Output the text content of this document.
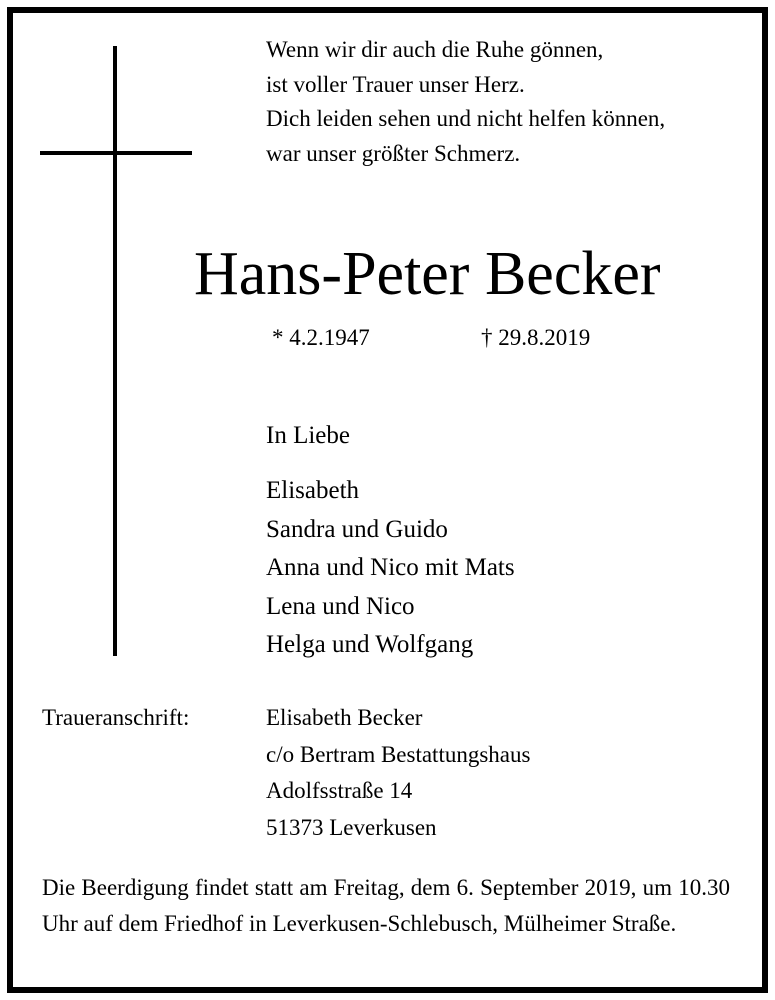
Wenn wir dir auch die Ruhe gönnen,
ist voller Trauer unser Herz.
Dich leiden sehen und nicht helfen können,
war unser größter Schmerz.
Hans-Peter Becker
* 4.2.1947	† 29.8.2019
In Liebe
Elisabeth
Sandra und Guido
Anna und Nico mit Mats
Lena und Nico
Helga und Wolfgang
Traueranschrift:	Elisabeth Becker
c/o Bertram Bestattungshaus
Adolfsstraße 14
51373 Leverkusen
Die Beerdigung findet statt am Freitag, dem 6. September 2019, um 10.30 Uhr auf dem Friedhof in Leverkusen-Schlebusch, Mülheimer Straße.
